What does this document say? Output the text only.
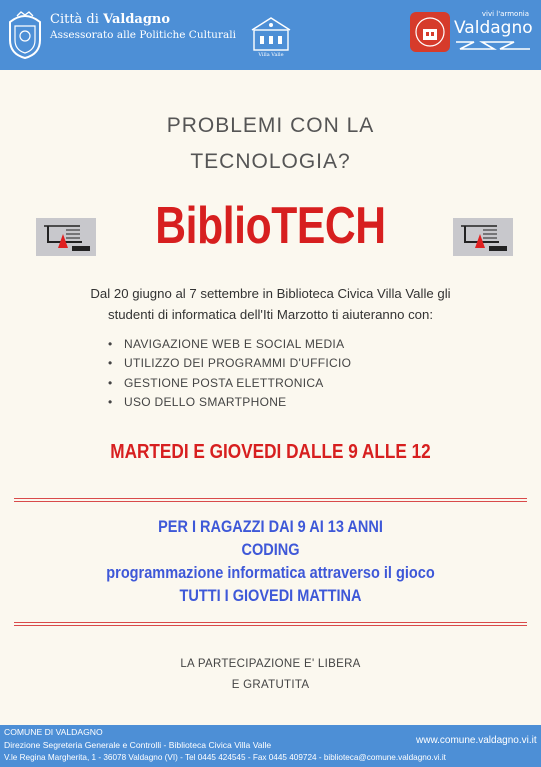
Città di Valdagno
Assessorato alle Politiche Culturali
Villa Valle
vivi l'armonia
Valdagno
PROBLEMI CON LA
TECNOLOGIA?
BiblioTECH
Dal 20 giugno al 7 settembre in Biblioteca Civica Villa Valle gli
studenti di informatica dell'Iti Marzotto ti aiuteranno con:
• NAVIGAZIONE WEB E SOCIAL MEDIA
• UTILIZZO DEI PROGRAMMI D'UFFICIO
• GESTIONE POSTA ELETTRONICA
• USO DELLO SMARTPHONE
MARTEDI E GIOVEDI DALLE 9 ALLE 12
PER I RAGAZZI DAI 9 AI 13 ANNI
CODING
programmazione informatica attraverso il gioco
TUTTI I GIOVEDI MATTINA
LA PARTECIPAZIONE E' LIBERA
E GRATUTITA
COMUNE DI VALDAGNO
Direzione Segreteria Generale e Controlli - Biblioteca Civica Villa Valle
V.le Regina Margherita, 1 - 36078 Valdagno (VI) - Tel 0445 424545 - Fax 0445 409724 - biblioteca@comune.valdagno.vi.it
www.comune.valdagno.vi.it
